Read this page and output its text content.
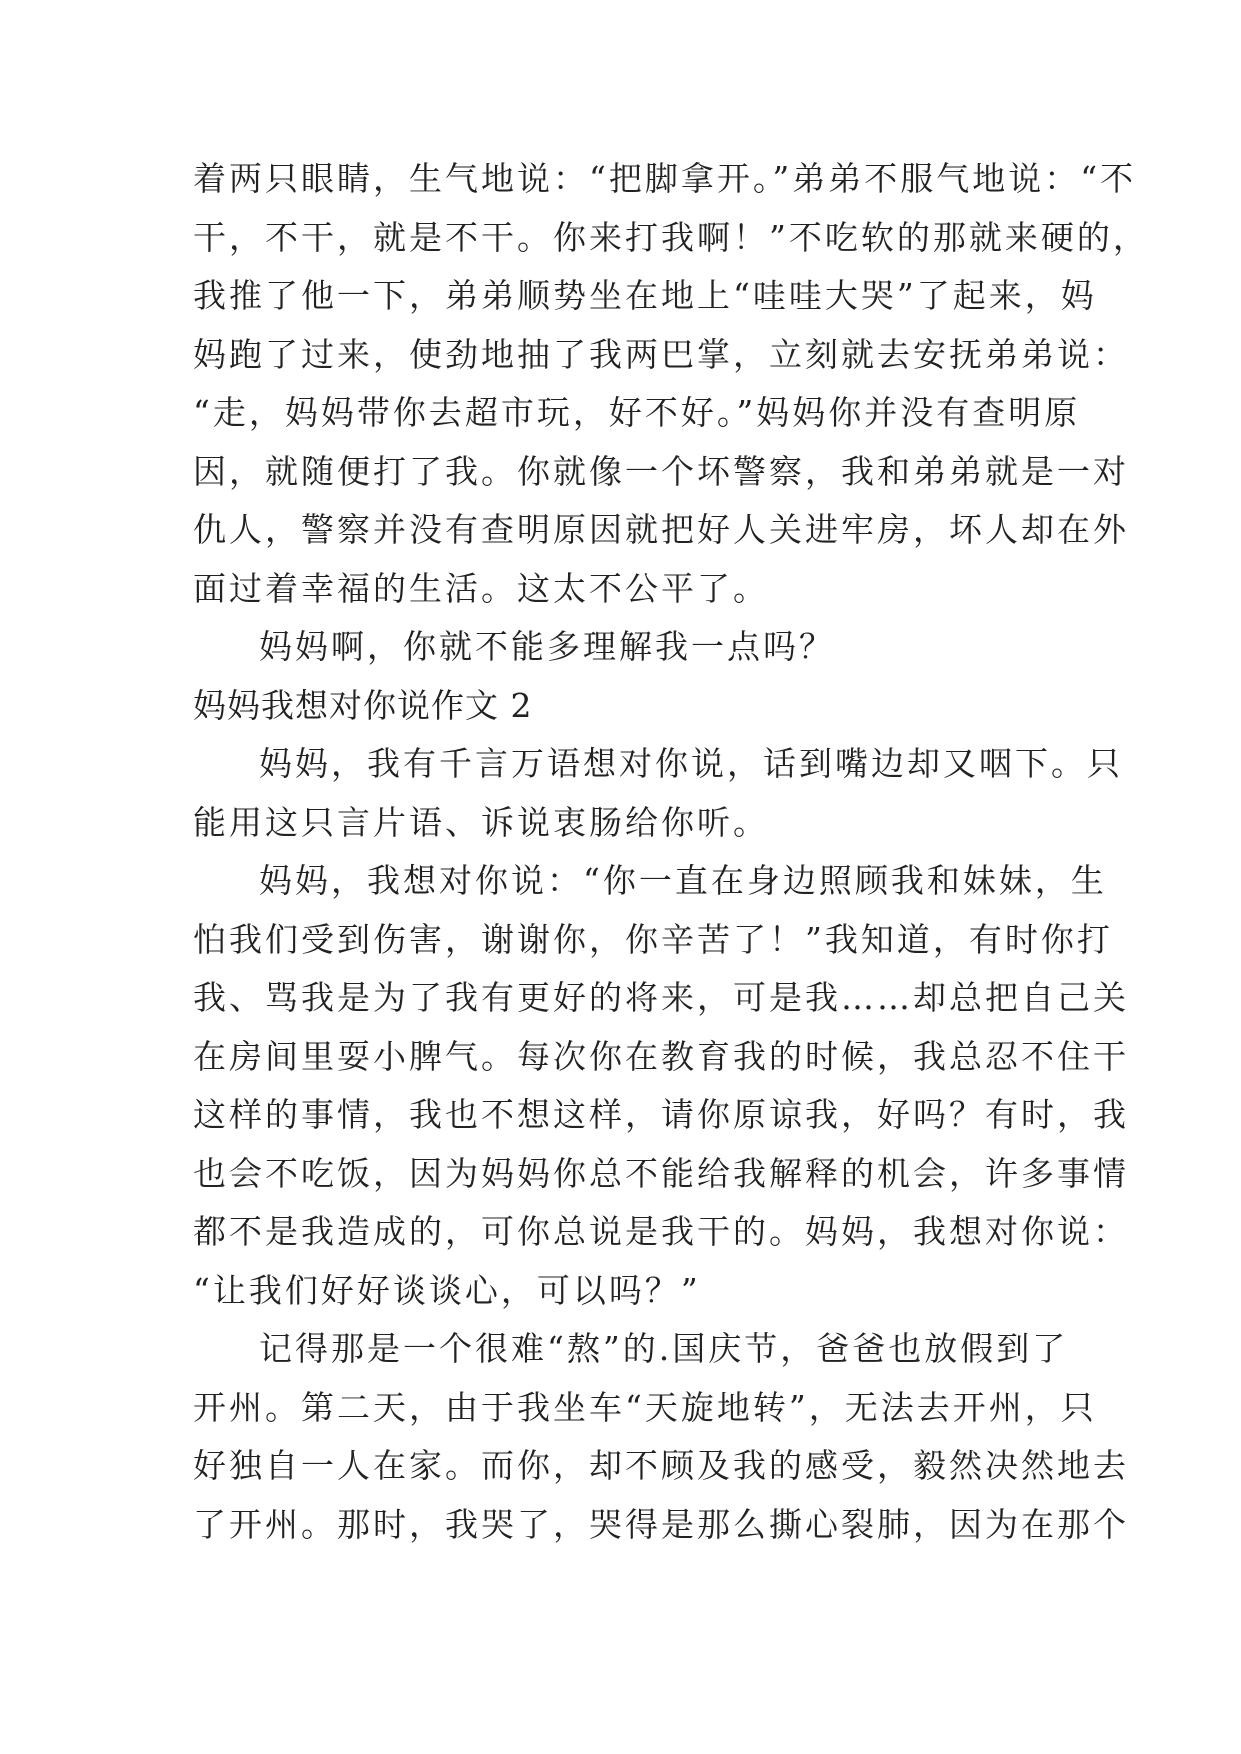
着两只眼睛，生气地说：“把脚拿开。”弟弟不服气地说：“不

干，不干，就是不干。你来打我啊！”不吃软的那就来硬的，

我推了他一下，弟弟顺势坐在地上“哇哇大哭”了起来，妈

妈跑了过来，使劲地抽了我两巴掌，立刻就去安抚弟弟说：

“走，妈妈带你去超市玩，好不好。”妈妈你并没有查明原

因，就随便打了我。你就像一个坏警察，我和弟弟就是一对

仇人，警察并没有查明原因就把好人关进牢房，坏人却在外

面过着幸福的生活。这太不公平了。

妈妈啊，你就不能多理解我一点吗？

妈妈我想对你说作文 2

妈妈，我有千言万语想对你说，话到嘴边却又咽下。只

能用这只言片语、诉说衷肠给你听。

妈妈，我想对你说：“你一直在身边照顾我和妹妹，生

怕我们受到伤害，谢谢你，你辛苦了！”我知道，有时你打

我、骂我是为了我有更好的将来，可是我……却总把自己关

在房间里耍小脾气。每次你在教育我的时候，我总忍不住干

这样的事情，我也不想这样，请你原谅我，好吗？有时，我

也会不吃饭，因为妈妈你总不能给我解释的机会，许多事情

都不是我造成的，可你总说是我干的。妈妈，我想对你说：

“让我们好好谈谈心，可以吗？”

记得那是一个很难“熬”的.国庆节，爸爸也放假到了

开州。第二天，由于我坐车“天旋地转”，无法去开州，只

好独自一人在家。而你，却不顾及我的感受，毅然决然地去

了开州。那时，我哭了，哭得是那么撕心裂肺，因为在那个
